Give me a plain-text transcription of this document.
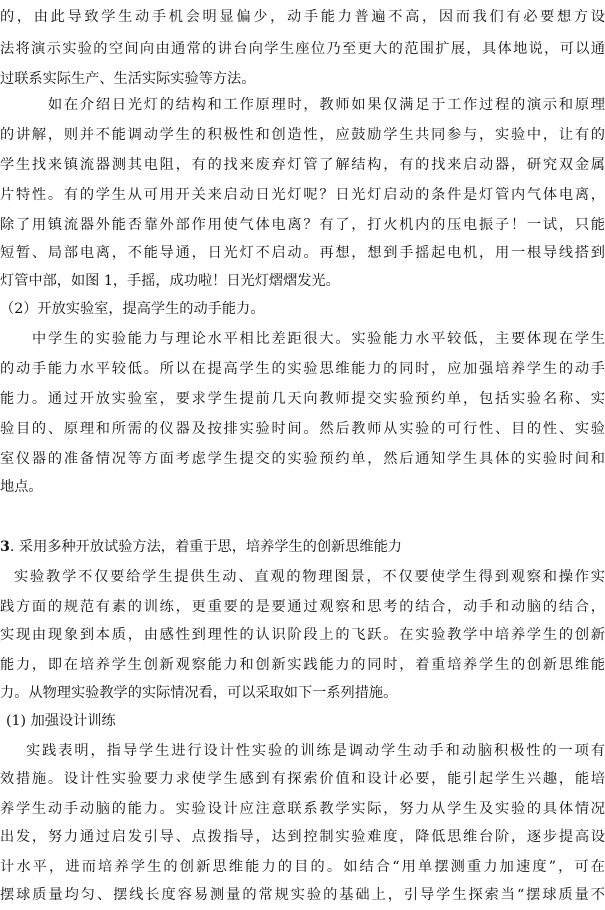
的，由此导致学生动手机会明显偏少，动手能力普遍不高，因而我们有必要想方设
法将演示实验的空间向由通常的讲台向学生座位乃至更大的范围扩展，具体地说，可以通
过联系实际生产、生活实际实验等方法。
如在介绍日光灯的结构和工作原理时，教师如果仅满足于工作过程的演示和原理
的讲解，则并不能调动学生的积极性和创造性，应鼓励学生共同参与，实验中，让有的
学生找来镇流器测其电阻，有的找来废弃灯管了解结构，有的找来启动器，研究双金属
片特性。有的学生从可用开关来启动日光灯呢？日光灯启动的条件是灯管内气体电离，
除了用镇流器外能否靠外部作用使气体电离？有了，打火机内的压电振子！一试，只能
短暂、局部电离，不能导通，日光灯不启动。再想，想到手摇起电机，用一根导线搭到
灯管中部，如图 1，手摇，成功啦！日光灯熠熠发光。
（2）开放实验室，提高学生的动手能力。
中学生的实验能力与理论水平相比差距很大。实验能力水平较低，主要体现在学生
的动手能力水平较低。所以在提高学生的实验思维能力的同时，应加强培养学生的动手
能力。通过开放实验室，要求学生提前几天向教师提交实验预约单，包括实验名称、实
验目的、原理和所需的仪器及按排实验时间。然后教师从实验的可行性、目的性、实验
室仪器的准备情况等方面考虑学生提交的实验预约单，然后通知学生具体的实验时间和
地点。
3. 采用多种开放试验方法，着重于思，培养学生的创新思维能力
实验教学不仅要给学生提供生动、直观的物理图景，不仅要使学生得到观察和操作实
践方面的规范有素的训练，更重要的是要通过观察和思考的结合，动手和动脑的结合，
实现由现象到本质，由感性到理性的认识阶段上的飞跃。在实验教学中培养学生的创新
能力，即在培养学生创新观察能力和创新实践能力的同时，着重培养学生的创新思维能
力。从物理实验教学的实际情况看，可以采取如下一系列措施。
(1) 加强设计训练
实践表明，指导学生进行设计性实验的训练是调动学生动手和动脑积极性的一项有
效措施。设计性实验要力求使学生感到有探索价值和设计必要，能引起学生兴趣，能培
养学生动手动脑的能力。实验设计应注意联系教学实际，努力从学生及实验的具体情况
出发，努力通过启发引导、点拨指导，达到控制实验难度，降低思维台阶，逐步提高设
计水平，进而培养学生的创新思维能力的目的。如结合“用单摆测重力加速度”，可在
摆球质量均匀、摆线长度容易测量的常规实验的基础上，引导学生探索当“摆球质量不
